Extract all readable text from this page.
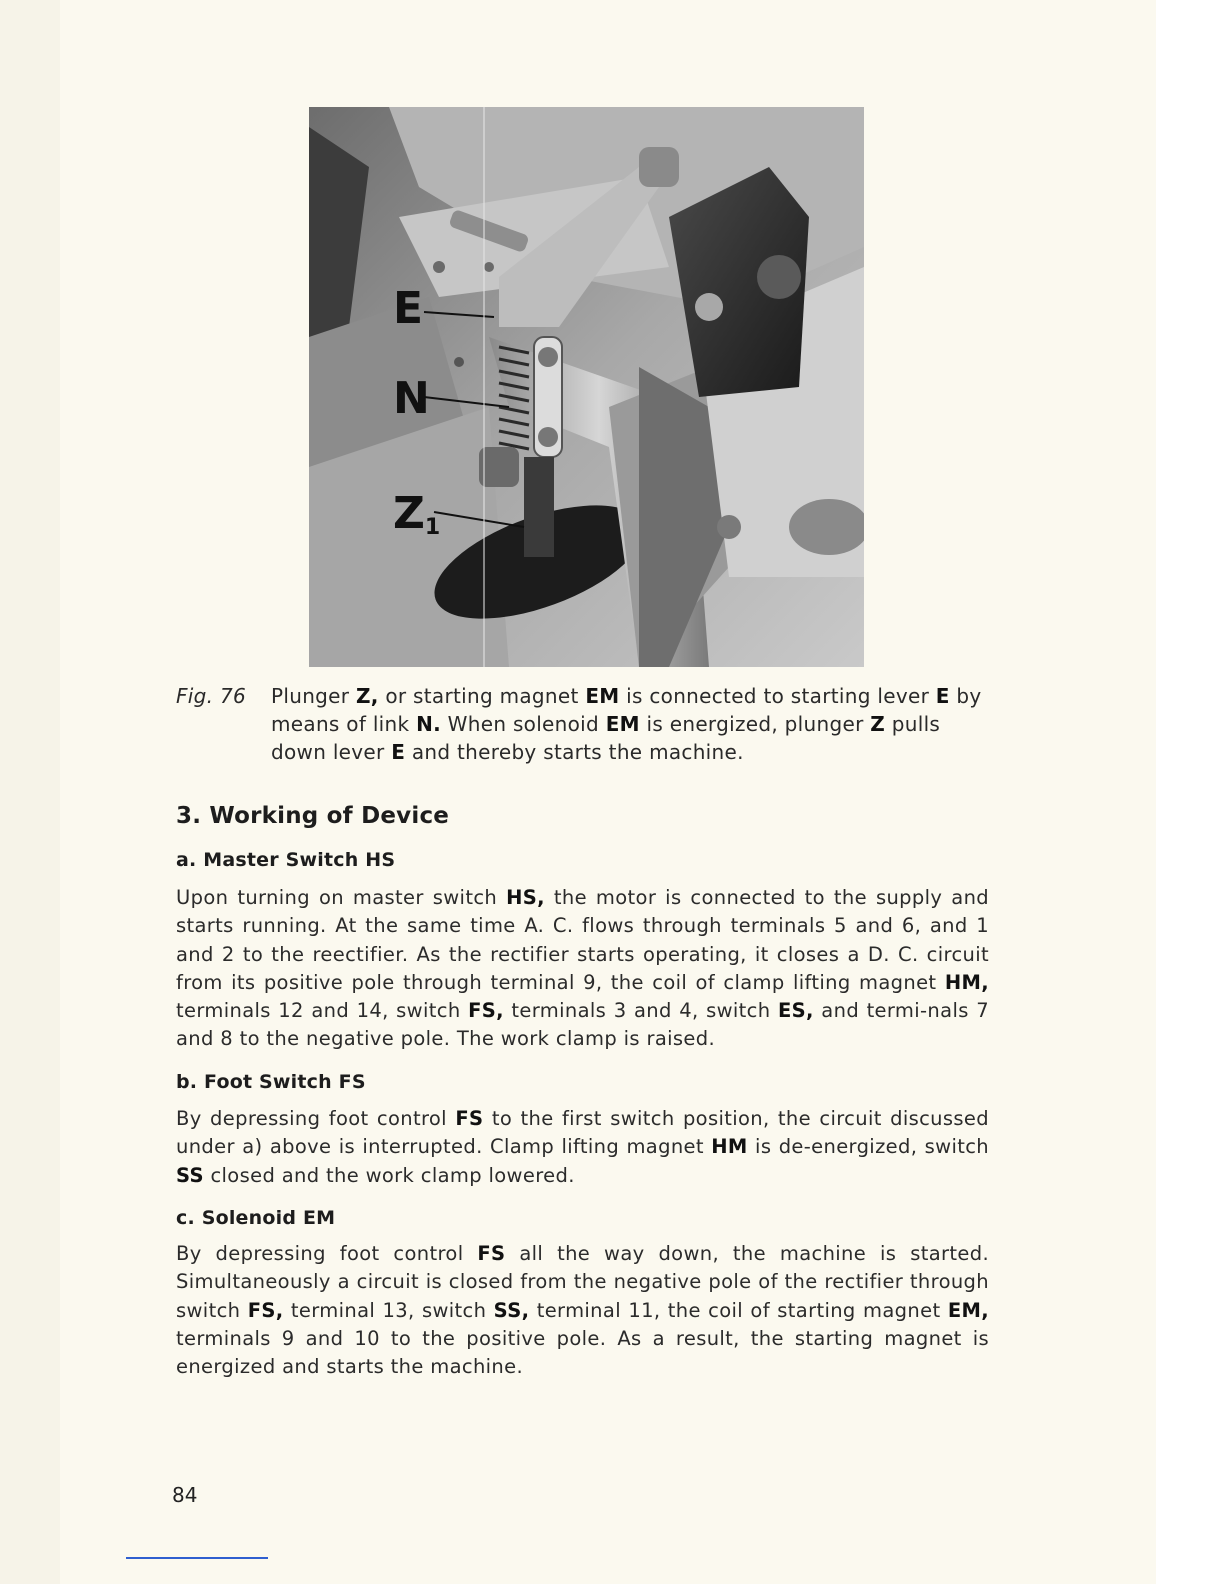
E
N
$Z_1$
Fig. 76	Plunger Z, or starting magnet EM is connected to starting lever E by means of link N. When solenoid EM is energized, plunger Z pulls down lever E and thereby starts the machine.
3. Working of Device
a. Master Switch HS
Upon turning on master switch HS, the motor is connected to the supply and starts running. At the same time A. C. flows through terminals 5 and 6, and 1 and 2 to the reectifier. As the rectifier starts operating, it closes a D. C. circuit from its positive pole through terminal 9, the coil of clamp lifting magnet HM, terminals 12 and 14, switch FS, terminals 3 and 4, switch ES, and termi-nals 7 and 8 to the negative pole. The work clamp is raised.
b. Foot Switch FS
By depressing foot control FS to the first switch position, the circuit discussed under a) above is interrupted. Clamp lifting magnet HM is de-energized, switch SS closed and the work clamp lowered.
c. Solenoid EM
By depressing foot control FS all the way down, the machine is started. Simultaneously a circuit is closed from the negative pole of the rectifier through switch FS, terminal 13, switch SS, terminal 11, the coil of starting magnet EM, terminals 9 and 10 to the positive pole. As a result, the starting magnet is energized and starts the machine.
84
